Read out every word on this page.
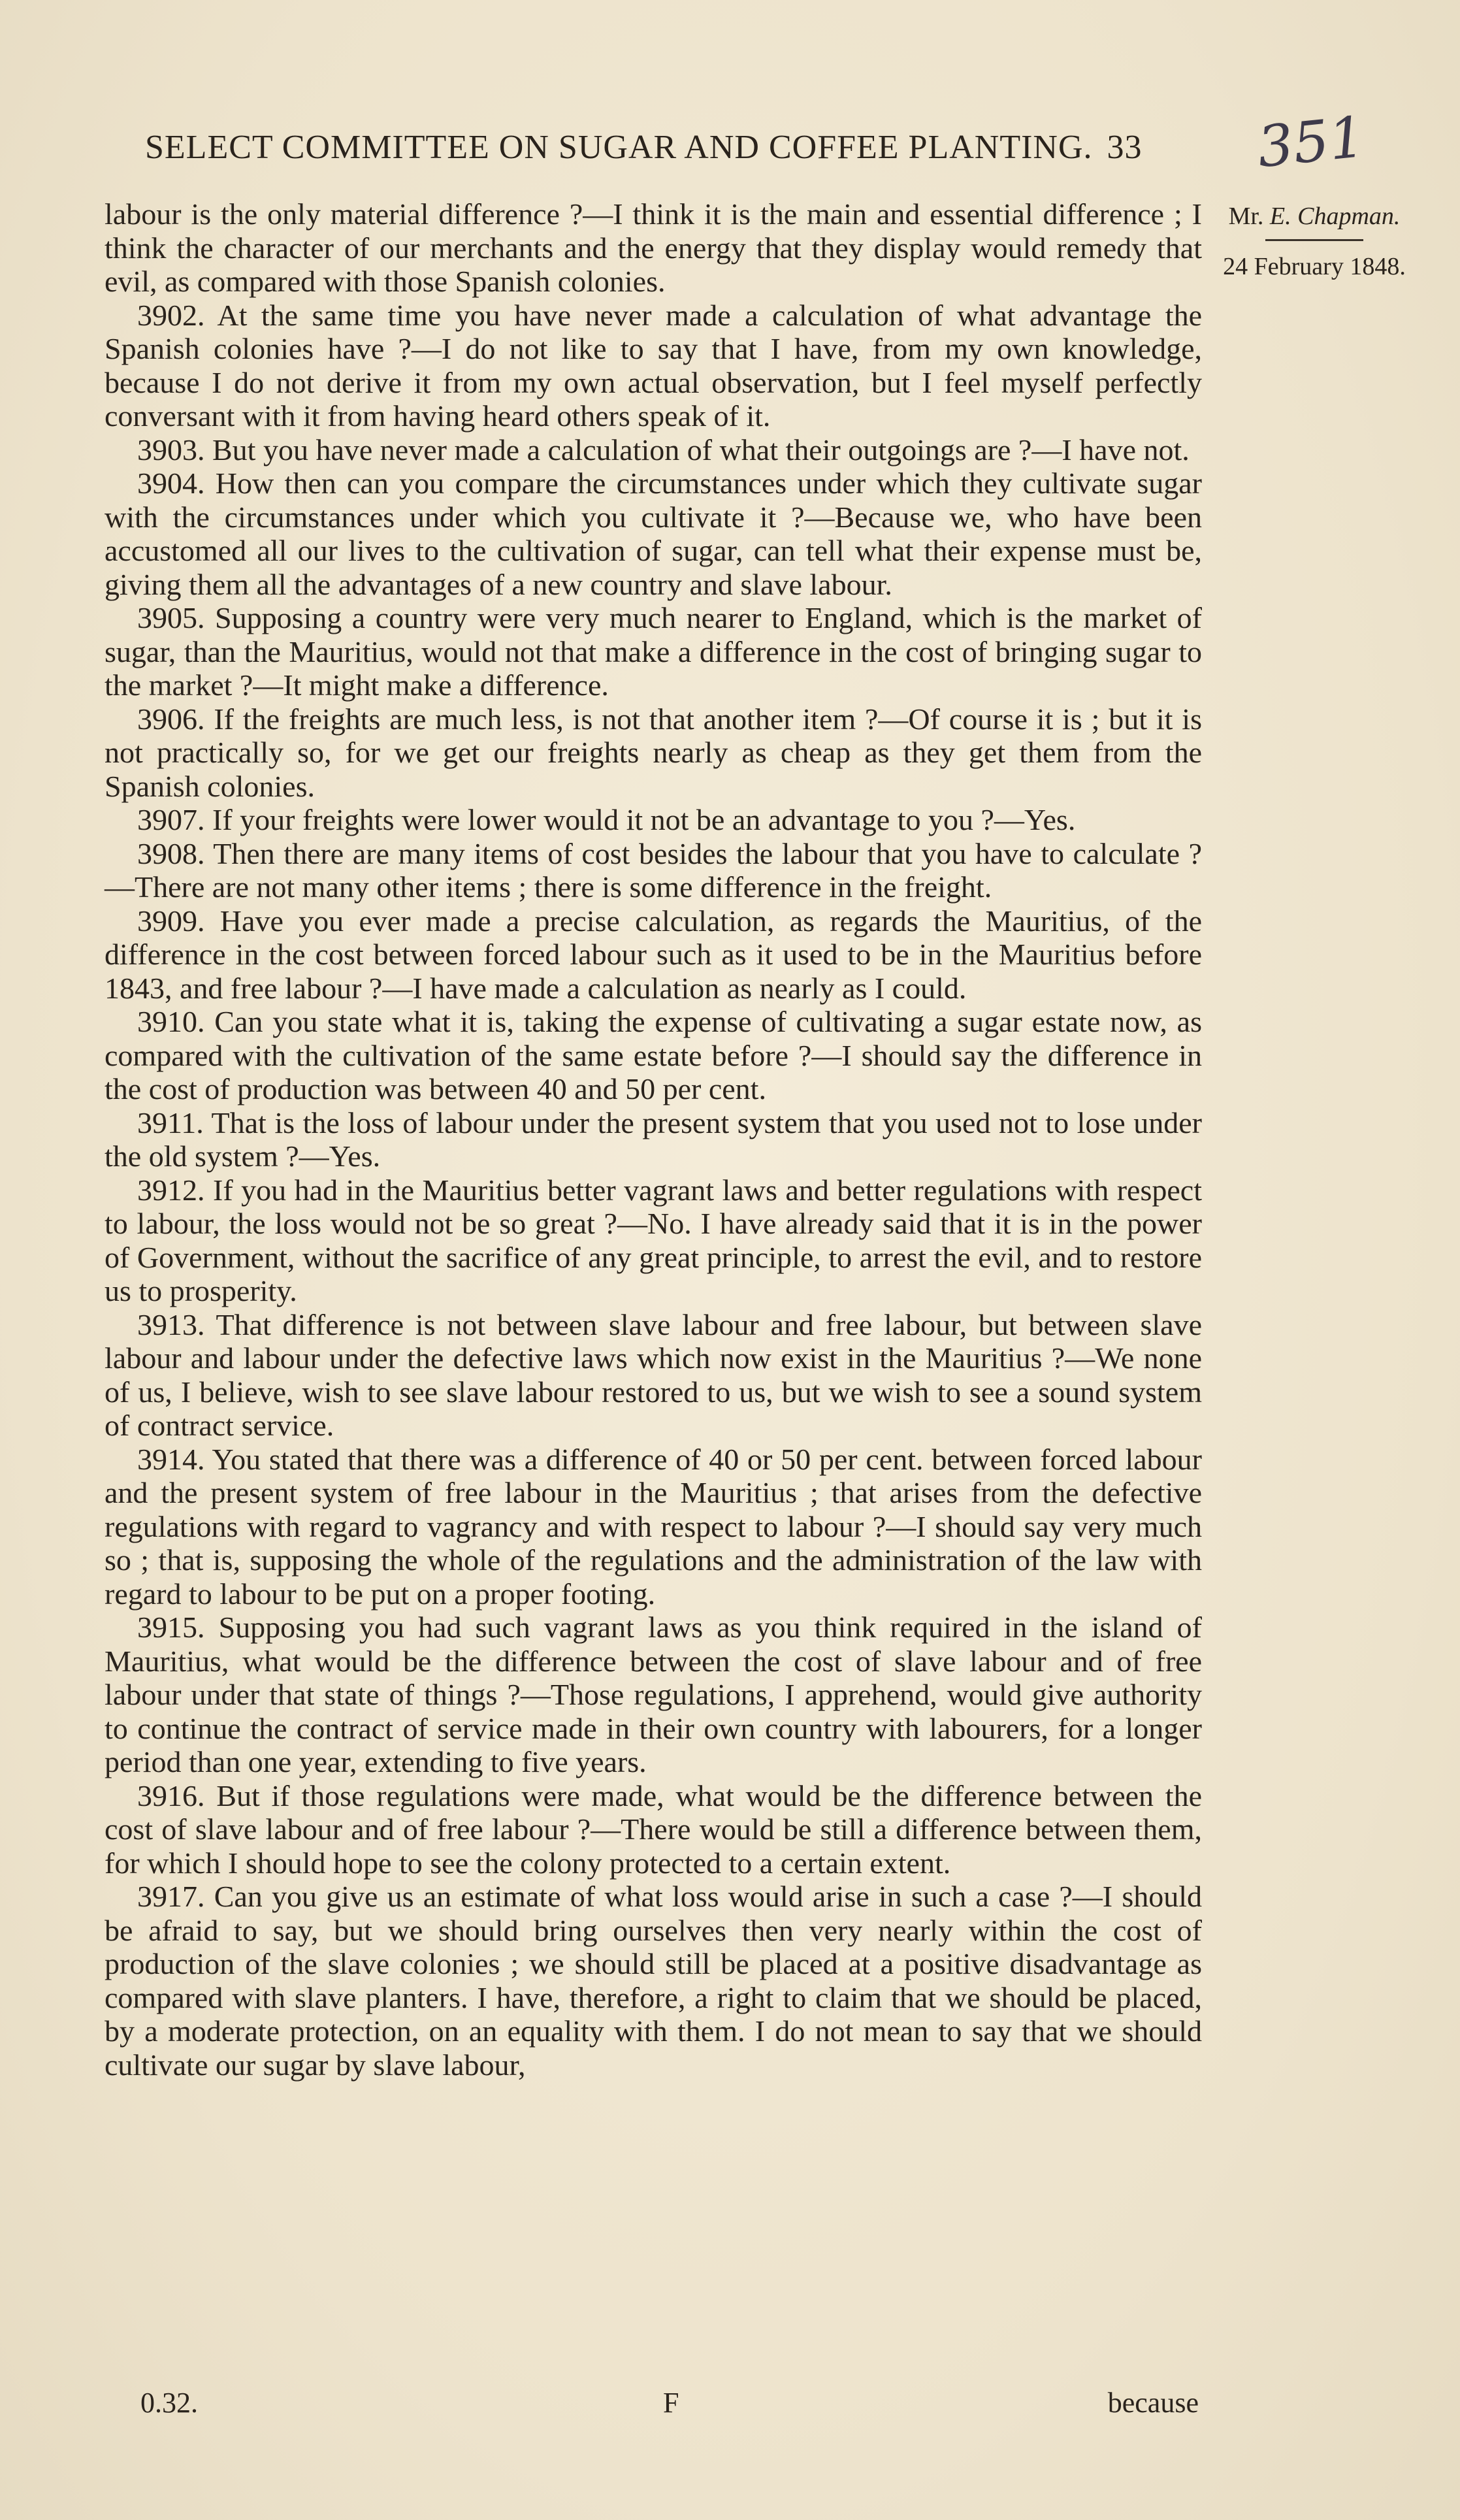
SELECT COMMITTEE ON SUGAR AND COFFEE PLANTING. 33	351
Mr. E. Chapman.
24 February 1848.

labour is the only material difference ?—I think it is the main and essential difference ; I think the character of our merchants and the energy that they display would remedy that evil, as compared with those Spanish colonies.

3902. At the same time you have never made a calculation of what advantage the Spanish colonies have ?—I do not like to say that I have, from my own knowledge, because I do not derive it from my own actual observation, but I feel myself perfectly conversant with it from having heard others speak of it.

3903. But you have never made a calculation of what their outgoings are ?—I have not.

3904. How then can you compare the circumstances under which they cultivate sugar with the circumstances under which you cultivate it ?—Because we, who have been accustomed all our lives to the cultivation of sugar, can tell what their expense must be, giving them all the advantages of a new country and slave labour.

3905. Supposing a country were very much nearer to England, which is the market of sugar, than the Mauritius, would not that make a difference in the cost of bringing sugar to the market ?—It might make a difference.

3906. If the freights are much less, is not that another item ?—Of course it is ; but it is not practically so, for we get our freights nearly as cheap as they get them from the Spanish colonies.

3907. If your freights were lower would it not be an advantage to you ?—Yes.

3908. Then there are many items of cost besides the labour that you have to calculate ?—There are not many other items ; there is some difference in the freight.

3909. Have you ever made a precise calculation, as regards the Mauritius, of the difference in the cost between forced labour such as it used to be in the Mauritius before 1843, and free labour ?—I have made a calculation as nearly as I could.

3910. Can you state what it is, taking the expense of cultivating a sugar estate now, as compared with the cultivation of the same estate before ?—I should say the difference in the cost of production was between 40 and 50 per cent.

3911. That is the loss of labour under the present system that you used not to lose under the old system ?—Yes.

3912. If you had in the Mauritius better vagrant laws and better regulations with respect to labour, the loss would not be so great ?—No. I have already said that it is in the power of Government, without the sacrifice of any great principle, to arrest the evil, and to restore us to prosperity.

3913. That difference is not between slave labour and free labour, but between slave labour and labour under the defective laws which now exist in the Mauritius ?—We none of us, I believe, wish to see slave labour restored to us, but we wish to see a sound system of contract service.

3914. You stated that there was a difference of 40 or 50 per cent. between forced labour and the present system of free labour in the Mauritius ; that arises from the defective regulations with regard to vagrancy and with respect to labour ?—I should say very much so ; that is, supposing the whole of the regulations and the administration of the law with regard to labour to be put on a proper footing.

3915. Supposing you had such vagrant laws as you think required in the island of Mauritius, what would be the difference between the cost of slave labour and of free labour under that state of things ?—Those regulations, I apprehend, would give authority to continue the contract of service made in their own country with labourers, for a longer period than one year, extending to five years.

3916. But if those regulations were made, what would be the difference between the cost of slave labour and of free labour ?—There would be still a difference between them, for which I should hope to see the colony protected to a certain extent.

3917. Can you give us an estimate of what loss would arise in such a case ?—I should be afraid to say, but we should bring ourselves then very nearly within the cost of production of the slave colonies ; we should still be placed at a positive disadvantage as compared with slave planters. I have, therefore, a right to claim that we should be placed, by a moderate protection, on an equality with them. I do not mean to say that we should cultivate our sugar by slave labour,

0.32.	F	because
